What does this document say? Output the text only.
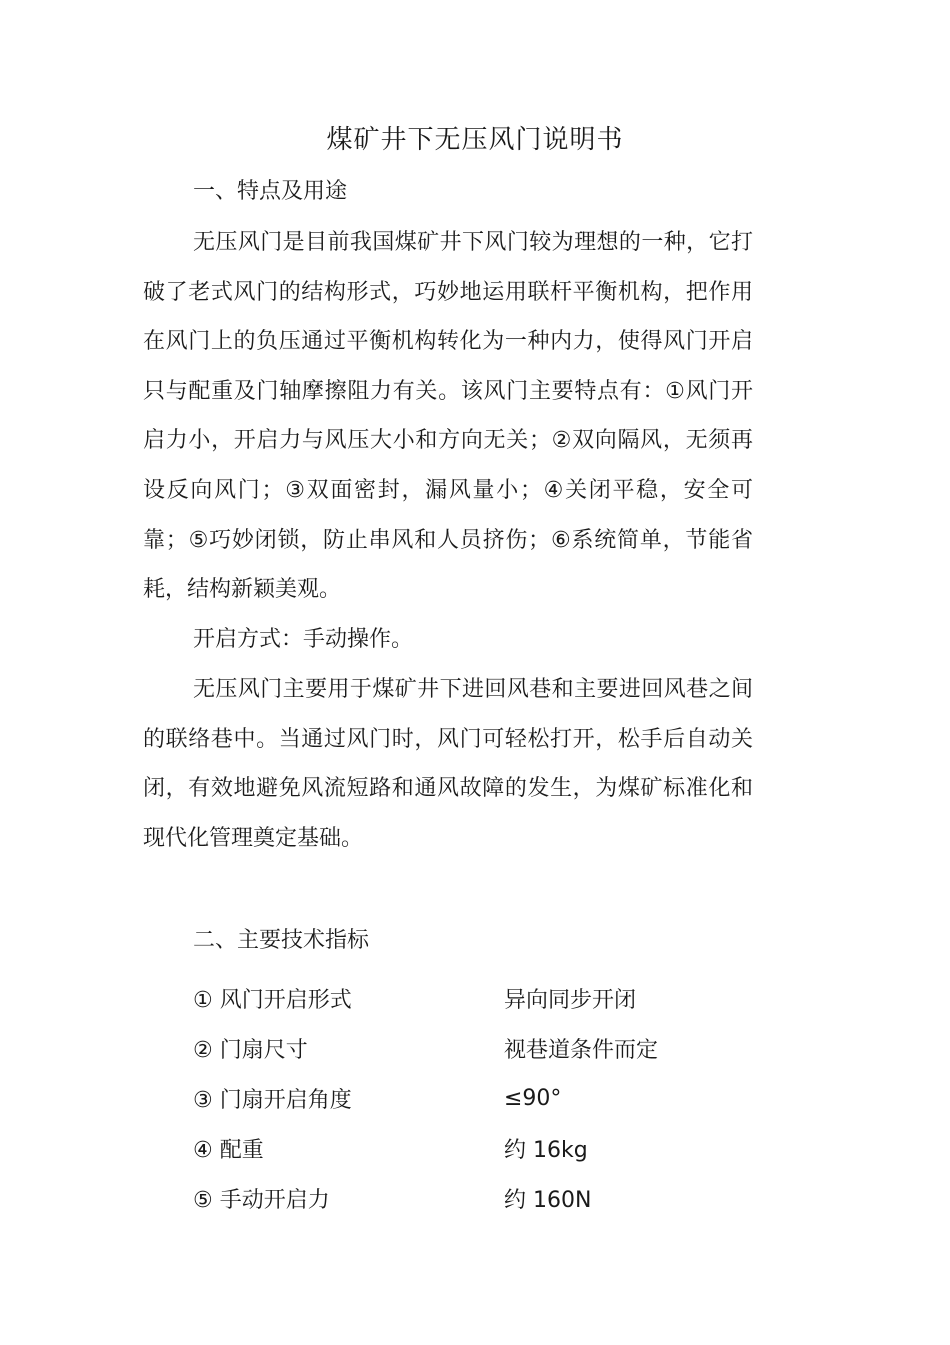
煤矿井下无压风门说明书
一、特点及用途

无压风门是目前我国煤矿井下风门较为理想的一种，它打破了老式风门的结构形式，巧妙地运用联杆平衡机构，把作用在风门上的负压通过平衡机构转化为一种内力，使得风门开启只与配重及门轴摩擦阻力有关。该风门主要特点有：①风门开启力小，开启力与风压大小和方向无关；②双向隔风，无须再设反向风门；③双面密封，漏风量小；④关闭平稳，安全可靠；⑤巧妙闭锁，防止串风和人员挤伤；⑥系统简单，节能省耗，结构新颖美观。

开启方式：手动操作。

无压风门主要用于煤矿井下进回风巷和主要进回风巷之间的联络巷中。当通过风门时，风门可轻松打开，松手后自动关闭，有效地避免风流短路和通风故障的发生，为煤矿标准化和现代化管理奠定基础。

二、主要技术指标
① 风门开启形式	异向同步开闭
② 门扇尺寸	视巷道条件而定
③ 门扇开启角度	≤90°
④ 配重	约 16kg
⑤ 手动开启力	约 160N
